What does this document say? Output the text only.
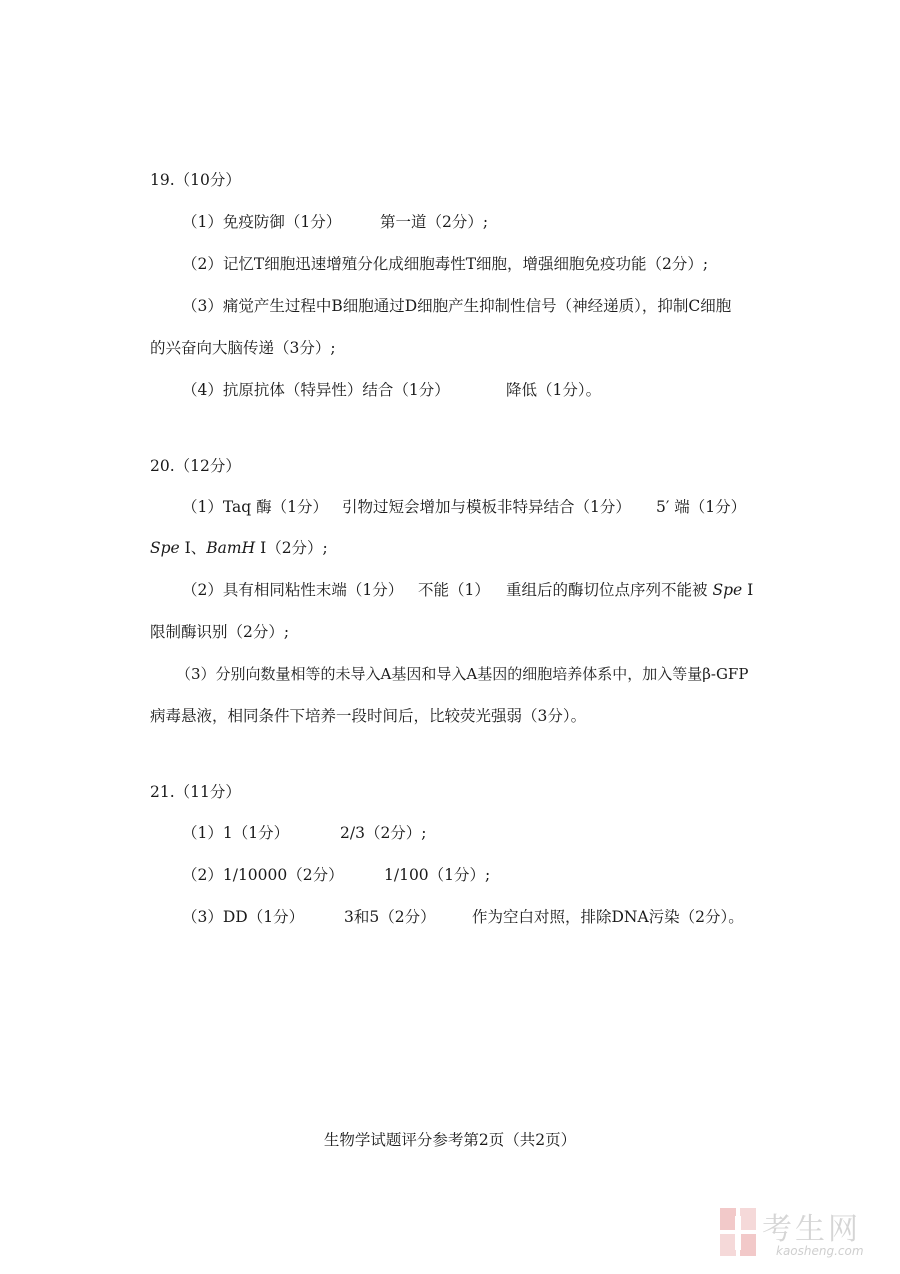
19.（10分）
（1）免疫防御（1分）	第一道（2分）;
（2）记忆T细胞迅速增殖分化成细胞毒性T细胞，增强细胞免疫功能（2分）;
（3）痛觉产生过程中B细胞通过D细胞产生抑制性信号（神经递质），抑制C细胞
的兴奋向大脑传递（3分）;
（4）抗原抗体（特异性）结合（1分）	降低（1分）。
20.（12分）
（1）Taq 酶（1分） 引物过短会增加与模板非特异结合（1分） 5′ 端（1分）
Spe I、BamH I（2分）;
（2）具有相同粘性末端（1分） 不能（1） 重组后的酶切位点序列不能被 Spe I
限制酶识别（2分）;
（3）分别向数量相等的未导入A基因和导入A基因的细胞培养体系中，加入等量β-GFP
病毒悬液，相同条件下培养一段时间后，比较荧光强弱（3分）。
21.（11分）
（1）1（1分）	2/3（2分）;
（2）1/10000（2分）	1/100（1分）;
（3）DD（1分）	3和5（2分） 作为空白对照，排除DNA污染（2分）。
生物学试题评分参考第2页（共2页）
考生网
kaosheng.com
